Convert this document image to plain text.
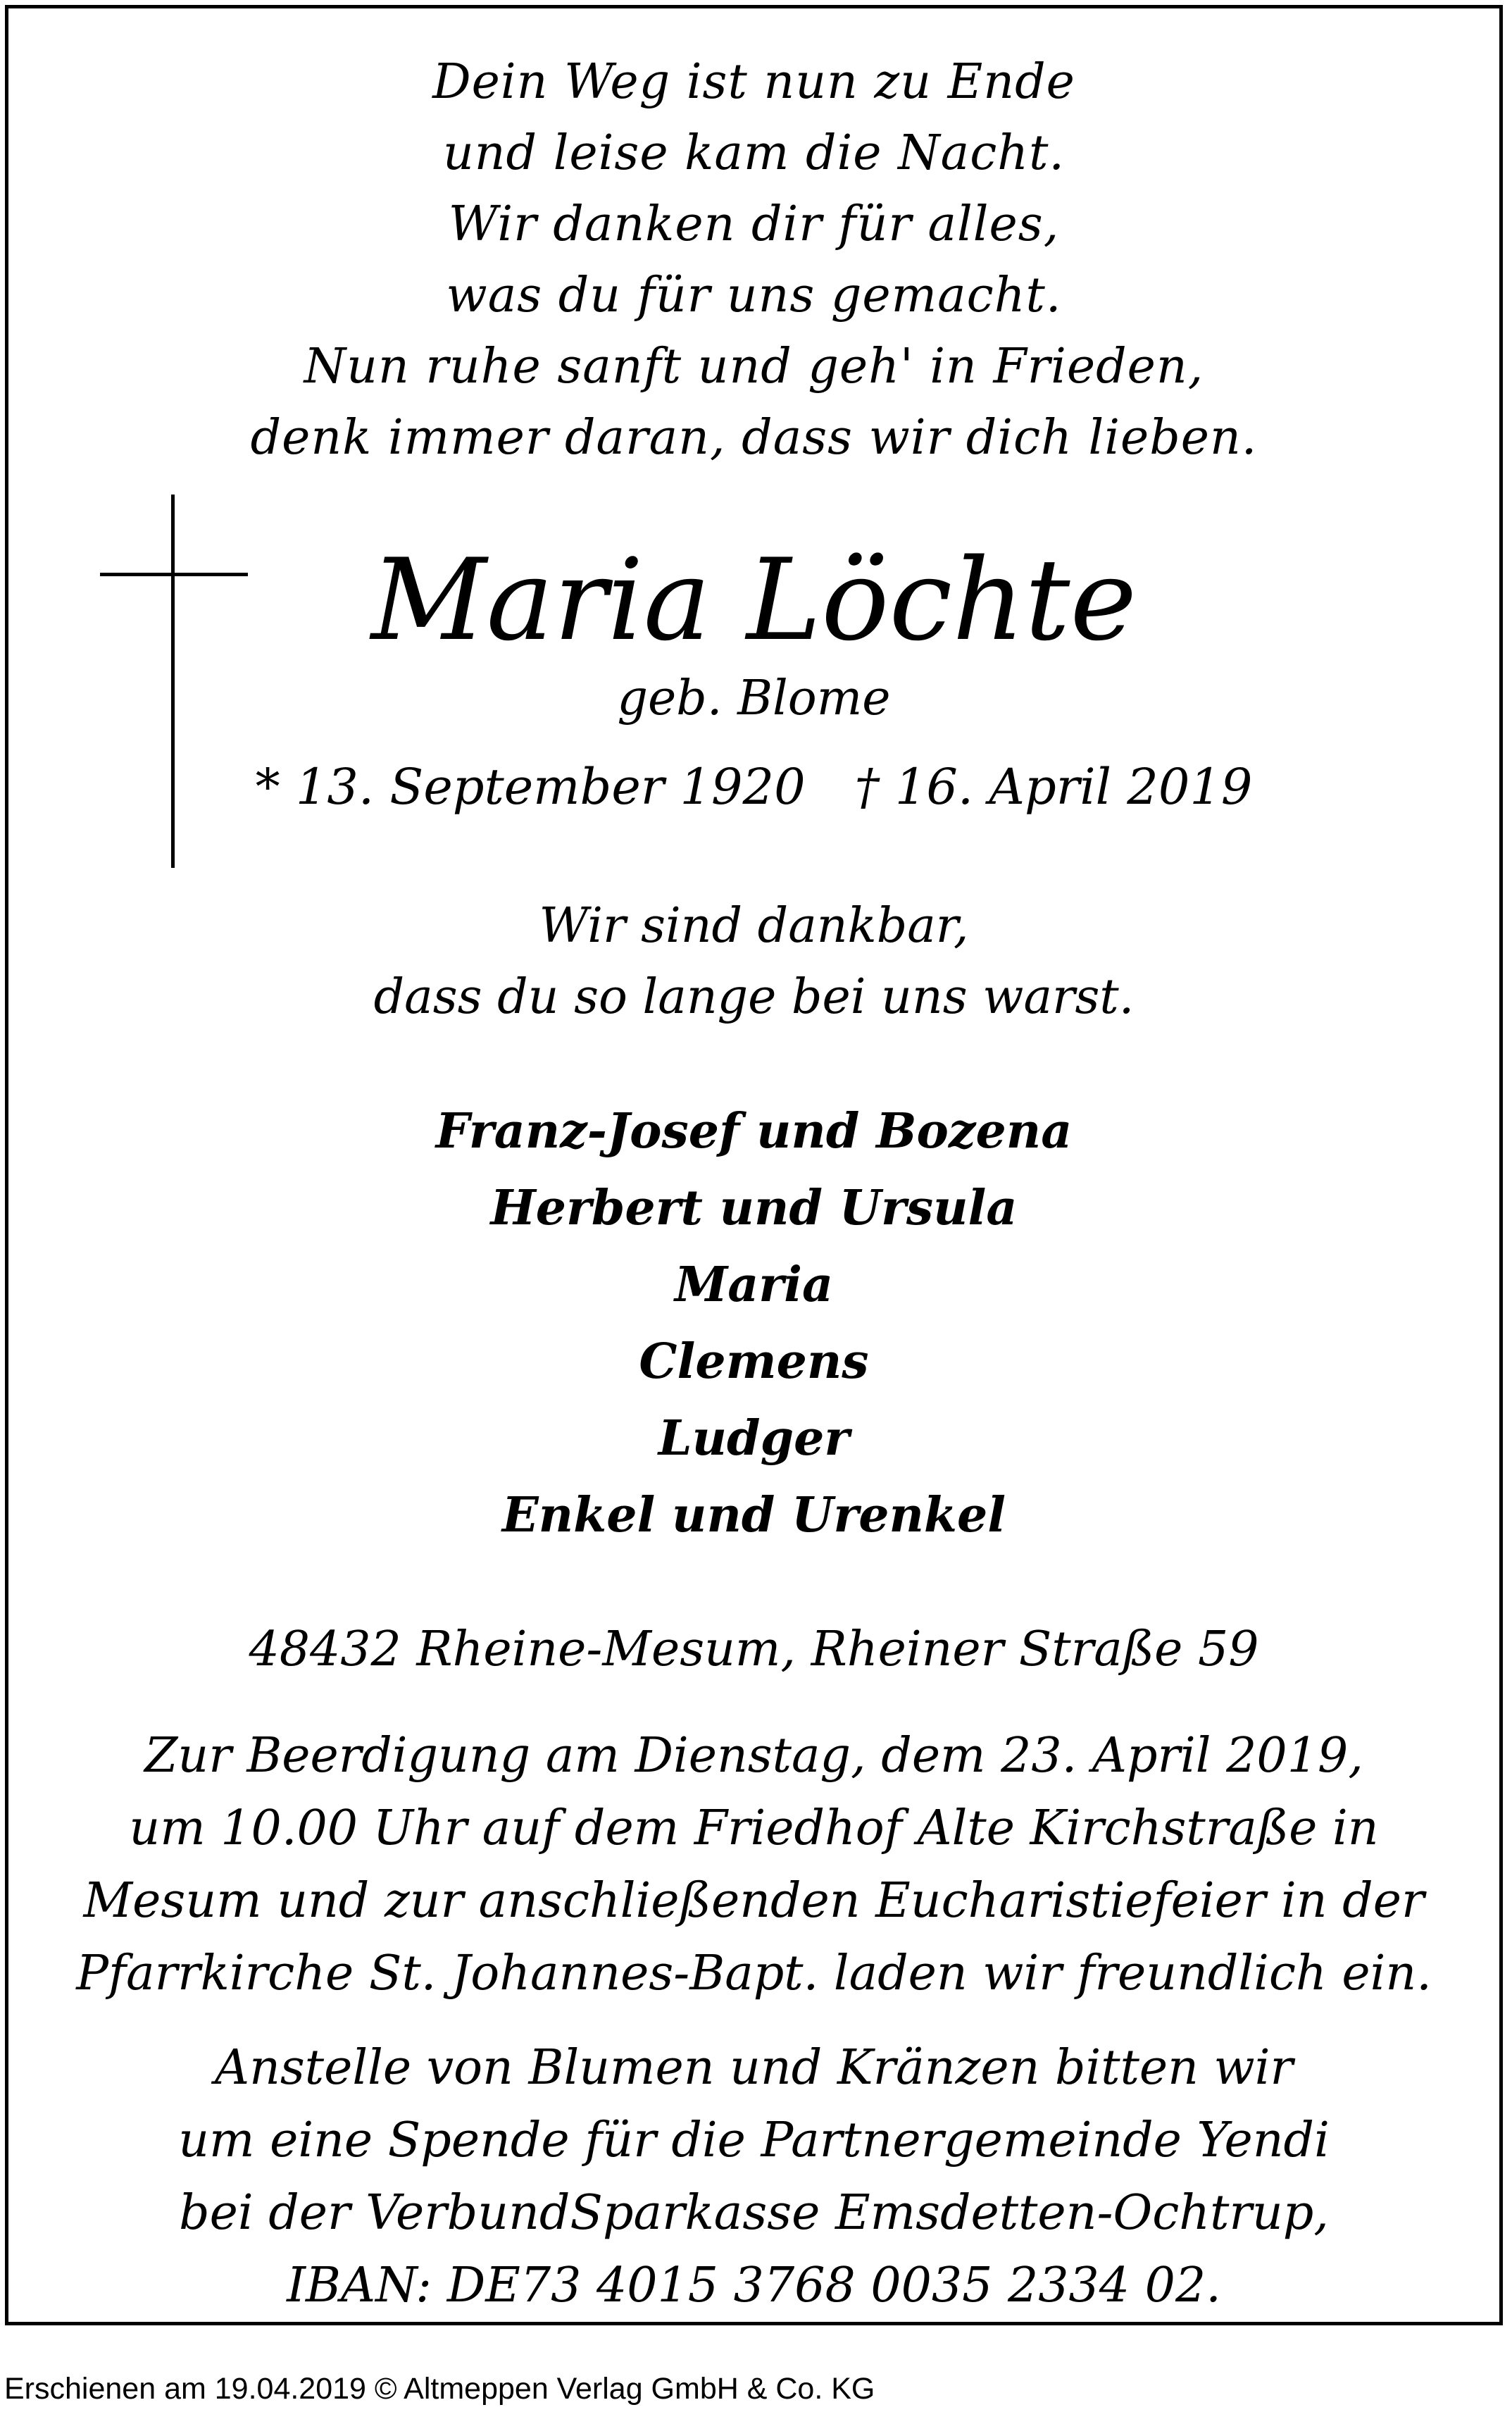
Dein Weg ist nun zu Ende
und leise kam die Nacht.
Wir danken dir für alles,
was du für uns gemacht.
Nun ruhe sanft und geh' in Frieden,
denk immer daran, dass wir dich lieben.
Maria Löchte
geb. Blome
* 13. September 1920 † 16. April 2019
Wir sind dankbar,
dass du so lange bei uns warst.
Franz-Josef und Bozena
Herbert und Ursula
Maria
Clemens
Ludger
Enkel und Urenkel
48432 Rheine-Mesum, Rheiner Straße 59
Zur Beerdigung am Dienstag, dem 23. April 2019,
um 10.00 Uhr auf dem Friedhof Alte Kirchstraße in
Mesum und zur anschließenden Eucharistiefeier in der
Pfarrkirche St. Johannes-Bapt. laden wir freundlich ein.
Anstelle von Blumen und Kränzen bitten wir
um eine Spende für die Partnergemeinde Yendi
bei der VerbundSparkasse Emsdetten-Ochtrup,
IBAN: DE73 4015 3768 0035 2334 02.
Erschienen am 19.04.2019 © Altmeppen Verlag GmbH & Co. KG
